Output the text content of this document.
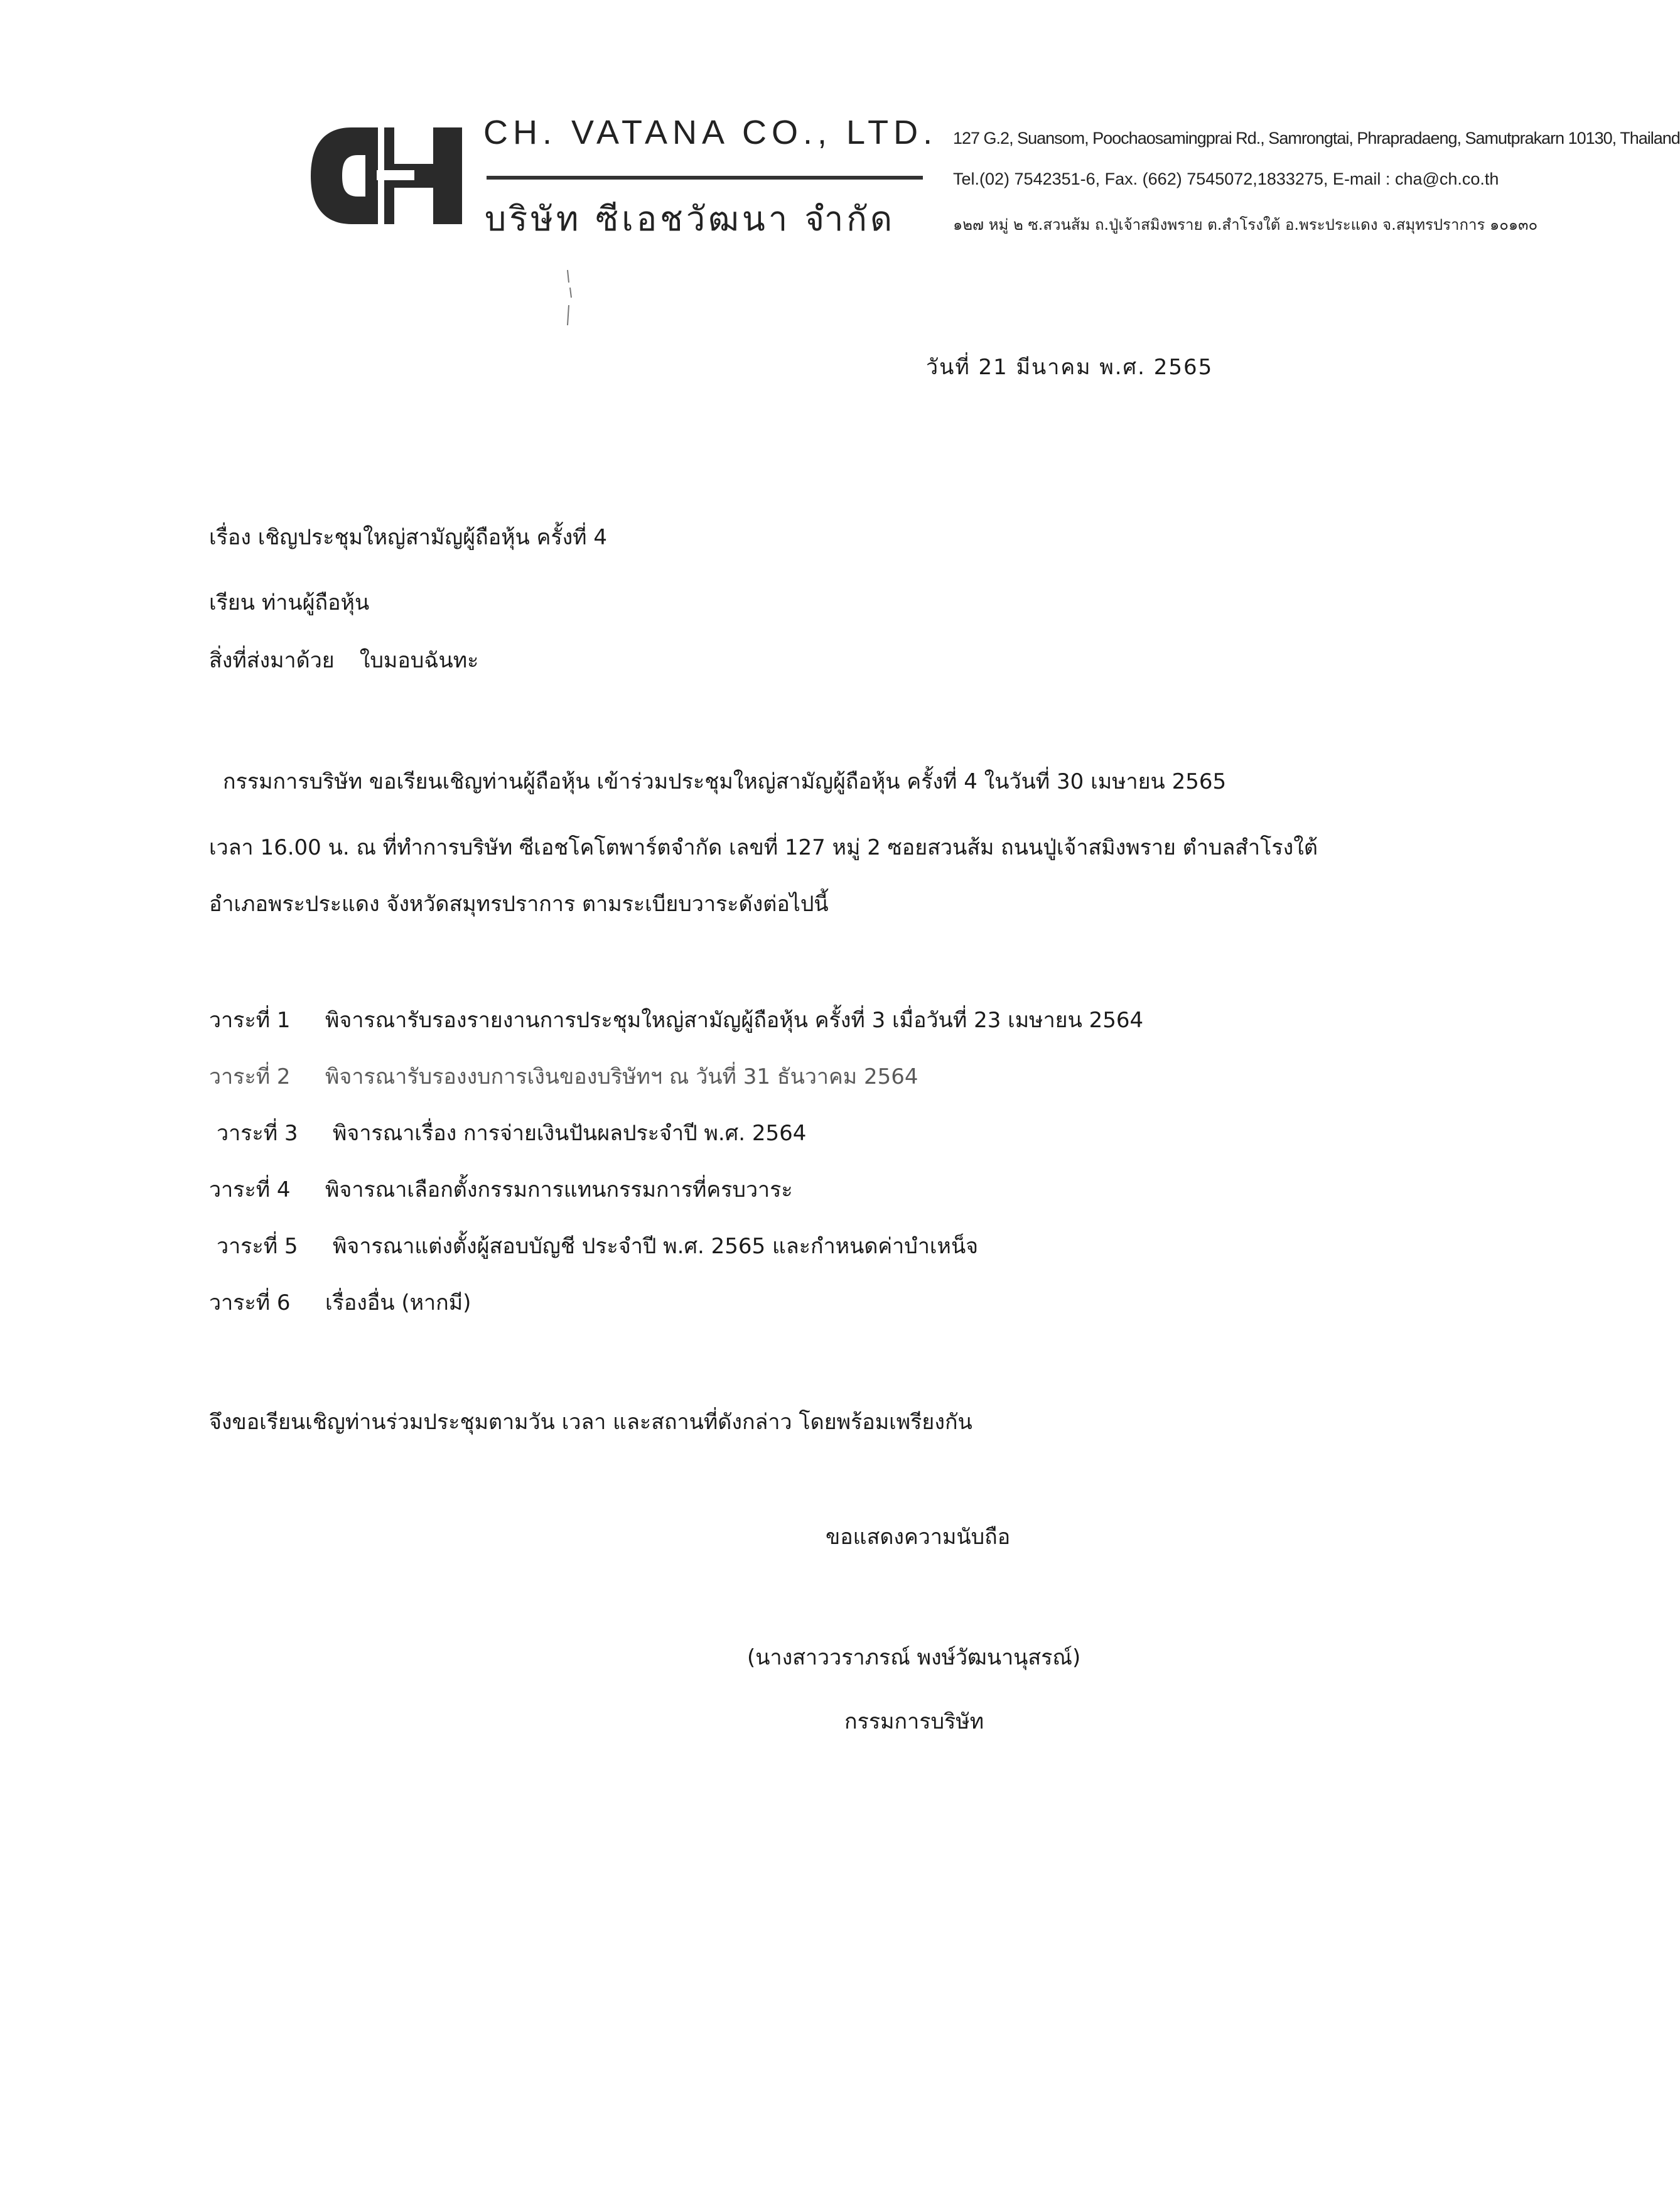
CH. VATANA CO., LTD.
บริษัท ซีเอชวัฒนา จำกัด
127 G.2, Suansom, Poochaosamingprai Rd., Samrongtai, Phrapradaeng, Samutprakarn 10130, Thailand
Tel.(02) 7542351-6, Fax. (662) 7545072,1833275, E-mail : cha@ch.co.th
๑๒๗ หมู่ ๒ ซ.สวนส้ม ถ.ปู่เจ้าสมิงพราย ต.สำโรงใต้ อ.พระประแดง จ.สมุทรปราการ ๑๐๑๓๐
วันที่ 21 มีนาคม พ.ศ. 2565
เรื่อง เชิญประชุมใหญ่สามัญผู้ถือหุ้น ครั้งที่ 4
เรียน ท่านผู้ถือหุ้น
สิ่งที่ส่งมาด้วย ใบมอบฉันทะ
กรรมการบริษัท ขอเรียนเชิญท่านผู้ถือหุ้น เข้าร่วมประชุมใหญ่สามัญผู้ถือหุ้น ครั้งที่ 4 ในวันที่ 30 เมษายน 2565
เวลา 16.00 น. ณ ที่ทำการบริษัท ซีเอชโคโตพาร์ตจำกัด เลขที่ 127 หมู่ 2 ซอยสวนส้ม ถนนปู่เจ้าสมิงพราย ตำบลสำโรงใต้
อำเภอพระประแดง จังหวัดสมุทรปราการ ตามระเบียบวาระดังต่อไปนี้
วาระที่ 1 พิจารณารับรองรายงานการประชุมใหญ่สามัญผู้ถือหุ้น ครั้งที่ 3 เมื่อวันที่ 23 เมษายน 2564
วาระที่ 2 พิจารณารับรองงบการเงินของบริษัทฯ ณ วันที่ 31 ธันวาคม 2564
วาระที่ 3 พิจารณาเรื่อง การจ่ายเงินปันผลประจำปี พ.ศ. 2564
วาระที่ 4 พิจารณาเลือกตั้งกรรมการแทนกรรมการที่ครบวาระ
วาระที่ 5 พิจารณาแต่งตั้งผู้สอบบัญชี ประจำปี พ.ศ. 2565 และกำหนดค่าบำเหน็จ
วาระที่ 6 เรื่องอื่น (หากมี)
จึงขอเรียนเชิญท่านร่วมประชุมตามวัน เวลา และสถานที่ดังกล่าว โดยพร้อมเพรียงกัน
ขอแสดงความนับถือ
(นางสาววราภรณ์ พงษ์วัฒนานุสรณ์)
กรรมการบริษัท
